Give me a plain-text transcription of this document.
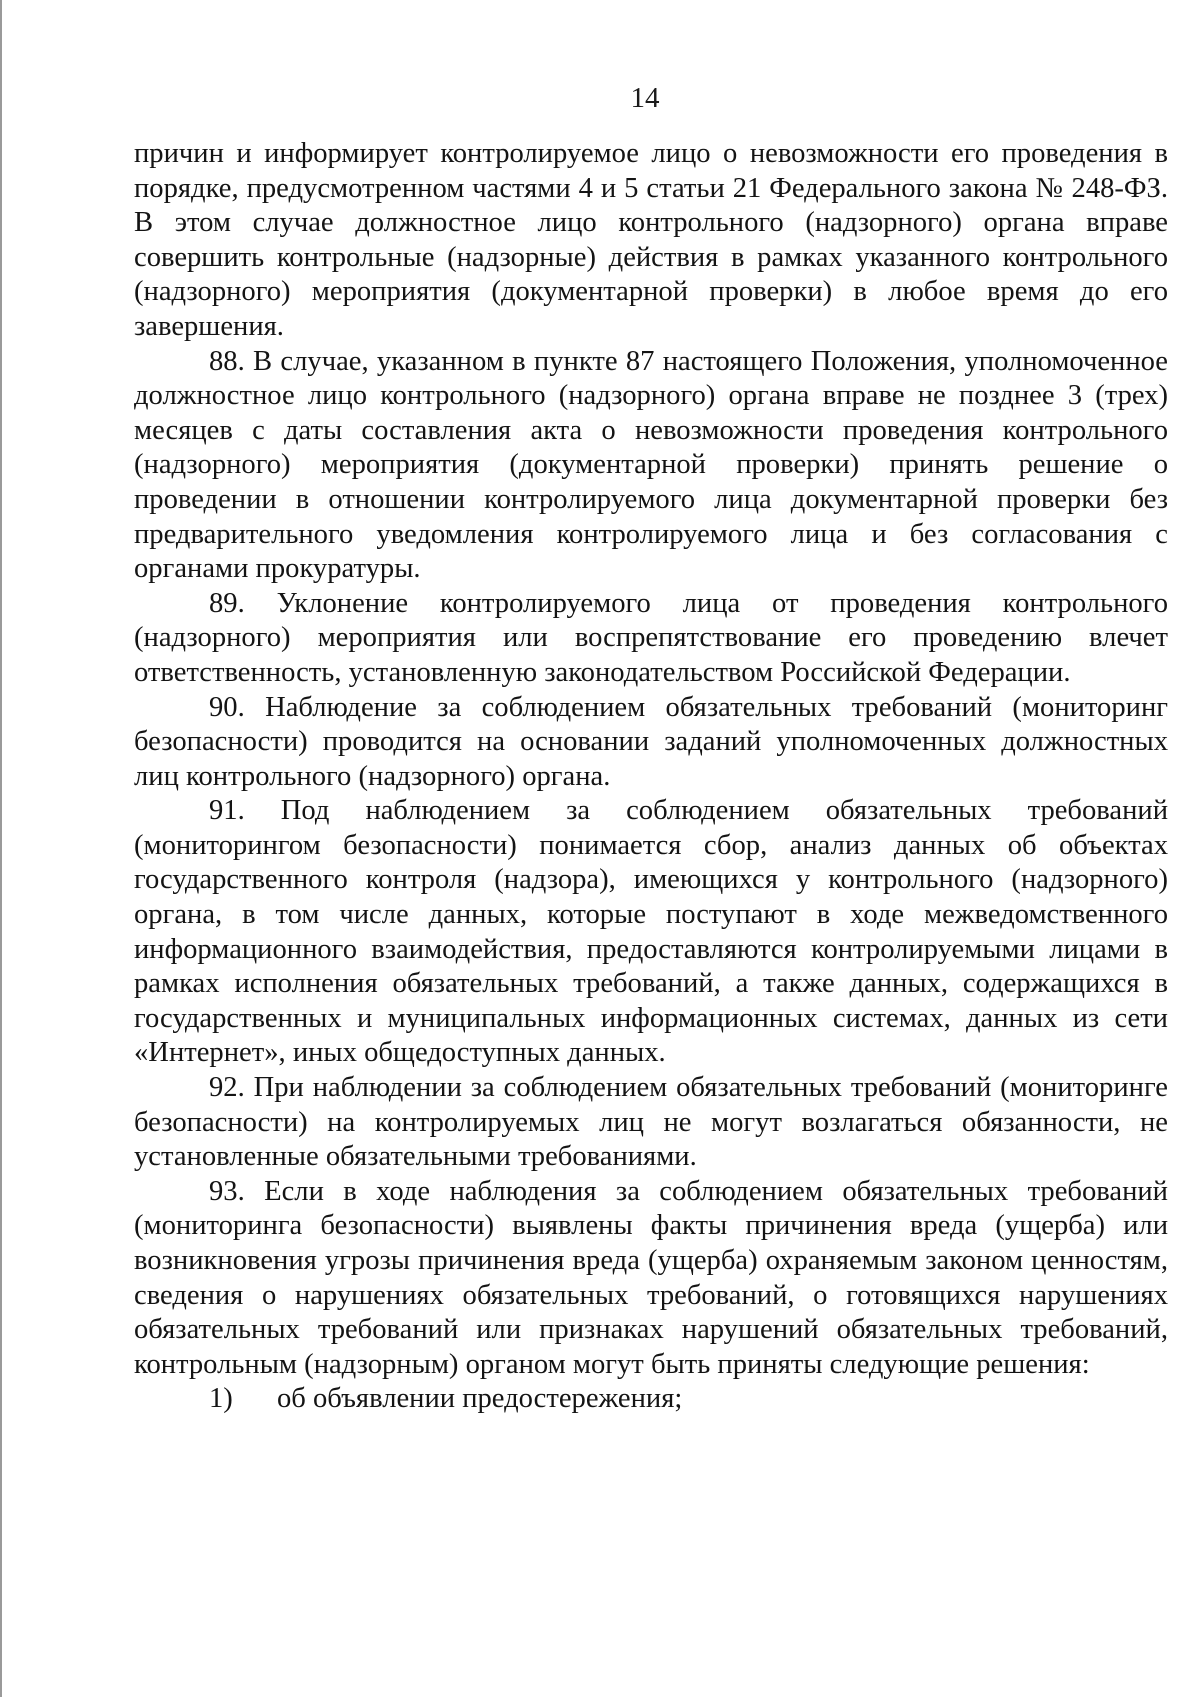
14

причин и информирует контролируемое лицо о невозможности его проведения в порядке, предусмотренном частями 4 и 5 статьи 21 Федерального закона № 248-ФЗ. В этом случае должностное лицо контрольного (надзорного) органа вправе совершить контрольные (надзорные) действия в рамках указанного контрольного (надзорного) мероприятия (документарной проверки) в любое время до его завершения.

88. В случае, указанном в пункте 87 настоящего Положения, уполномоченное должностное лицо контрольного (надзорного) органа вправе не позднее 3 (трех) месяцев с даты составления акта о невозможности проведения контрольного (надзорного) мероприятия (документарной проверки) принять решение о проведении в отношении контролируемого лица документарной проверки без предварительного уведомления контролируемого лица и без согласования с органами прокуратуры.

89. Уклонение контролируемого лица от проведения контрольного (надзорного) мероприятия или воспрепятствование его проведению влечет ответственность, установленную законодательством Российской Федерации.

90. Наблюдение за соблюдением обязательных требований (мониторинг безопасности) проводится на основании заданий уполномоченных должностных лиц контрольного (надзорного) органа.

91. Под наблюдением за соблюдением обязательных требований (мониторингом безопасности) понимается сбор, анализ данных об объектах государственного контроля (надзора), имеющихся у контрольного (надзорного) органа, в том числе данных, которые поступают в ходе межведомственного информационного взаимодействия, предоставляются контролируемыми лицами в рамках исполнения обязательных требований, а также данных, содержащихся в государственных и муниципальных информационных системах, данных из сети «Интернет», иных общедоступных данных.

92. При наблюдении за соблюдением обязательных требований (мониторинге безопасности) на контролируемых лиц не могут возлагаться обязанности, не установленные обязательными требованиями.

93. Если в ходе наблюдения за соблюдением обязательных требований (мониторинга безопасности) выявлены факты причинения вреда (ущерба) или возникновения угрозы причинения вреда (ущерба) охраняемым законом ценностям, сведения о нарушениях обязательных требований, о готовящихся нарушениях обязательных требований или признаках нарушений обязательных требований, контрольным (надзорным) органом могут быть приняты следующие решения:

1) об объявлении предостережения;
